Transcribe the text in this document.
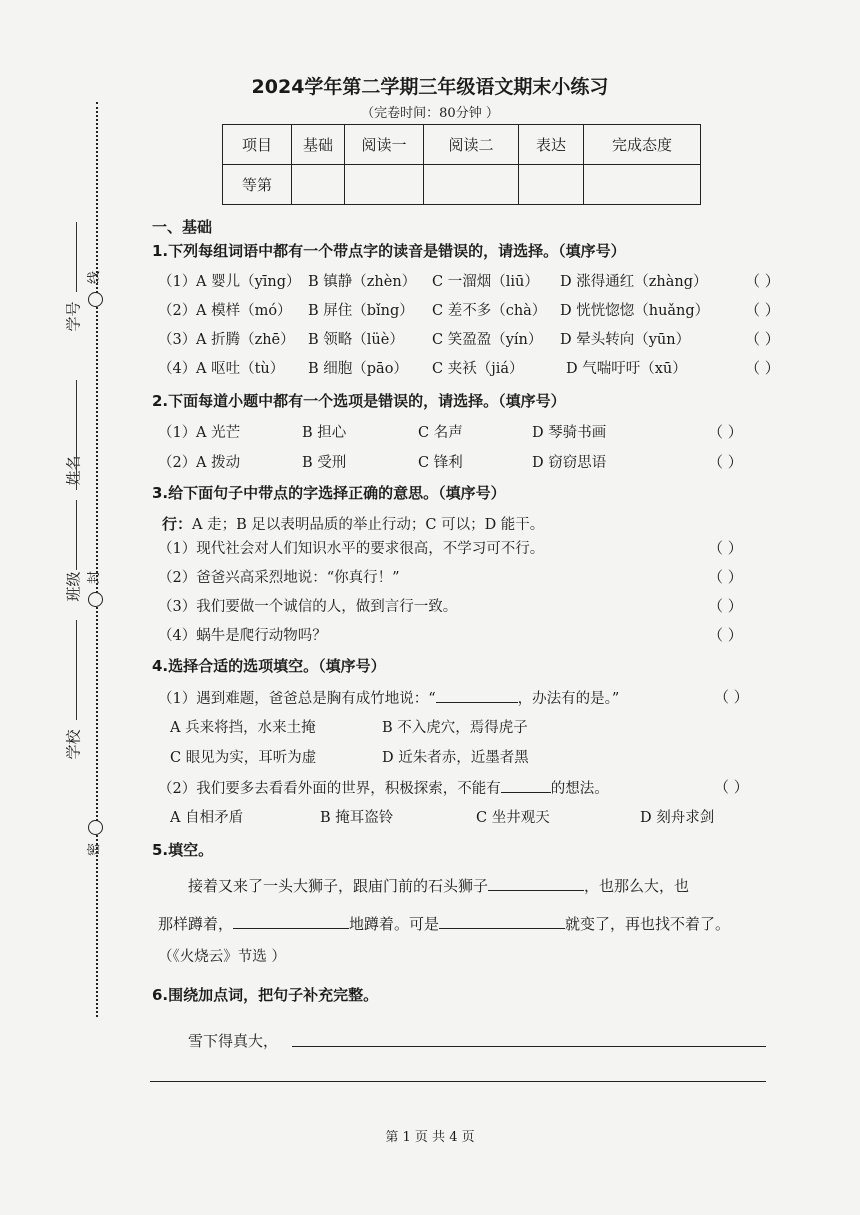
2024学年第二学期三年级语文期末小练习
（完卷时间：80分钟 ）
项目	基础	阅读一	阅读二	表达	完成态度
等第					
线
封
密
学号
姓名
班级
学校
一、基础
1.下列每组词语中都有一个带点字的读音是错误的，请选择。（填序号）
（1） A 婴儿（yīng） B 镇静（zhèn） C 一溜烟（liū） D 涨得通红（zhàng）	（ ）
（2） A 模样（mó） B 屏住（bǐng） C 差不多（chà） D 恍恍惚惚（huǎng） （ ）
（3） A 折腾（zhē） B 领略（lüè） C 笑盈盈（yín） D 晕头转向（yūn）	（ ）
（4） A 呕吐（tù） B 细胞（pāo） C 夹袄（jiá）	D 气喘吁吁（xū）	（ ）
2.下面每道小题中都有一个选项是错误的，请选择。（填序号）
（1） A 光芒	B 担心	C 名声	D 琴骑书画	（ ）
（2） A 拨动	B 受刑	C 锋利	D 窃窃思语	（ ）
3.给下面句子中带点的字选择正确的意思。（填序号）
行：A 走；B 足以表明品质的举止行动；C 可以；D 能干。
（1）现代社会对人们知识水平的要求很高，不学习可不行。	（ ）
（2）爸爸兴高采烈地说：“你真行！”	（ ）
（3）我们要做一个诚信的人，做到言行一致。	（ ）
（4）蜗牛是爬行动物吗？	（ ）
4.选择合适的选项填空。（填序号）
（1）遇到难题，爸爸总是胸有成竹地说：“	，办法有的是。”	（ ）
A 兵来将挡，水来土掩	B 不入虎穴，焉得虎子
C 眼见为实，耳听为虚	D 近朱者赤，近墨者黑
（2）我们要多去看看外面的世界，积极探索，不能有	的想法。	（ ）
A 自相矛盾	B 掩耳盗铃	C 坐井观天	D 刻舟求剑
5.填空。
接着又来了一头大狮子，跟庙门前的石头狮子	，也那么大，也
那样蹲着，	地蹲着。可是	就变了，再也找不着了。
（《火烧云》节选 ）
6.围绕加点词，把句子补充完整。
雪下得真大，
第 1 页 共 4 页
